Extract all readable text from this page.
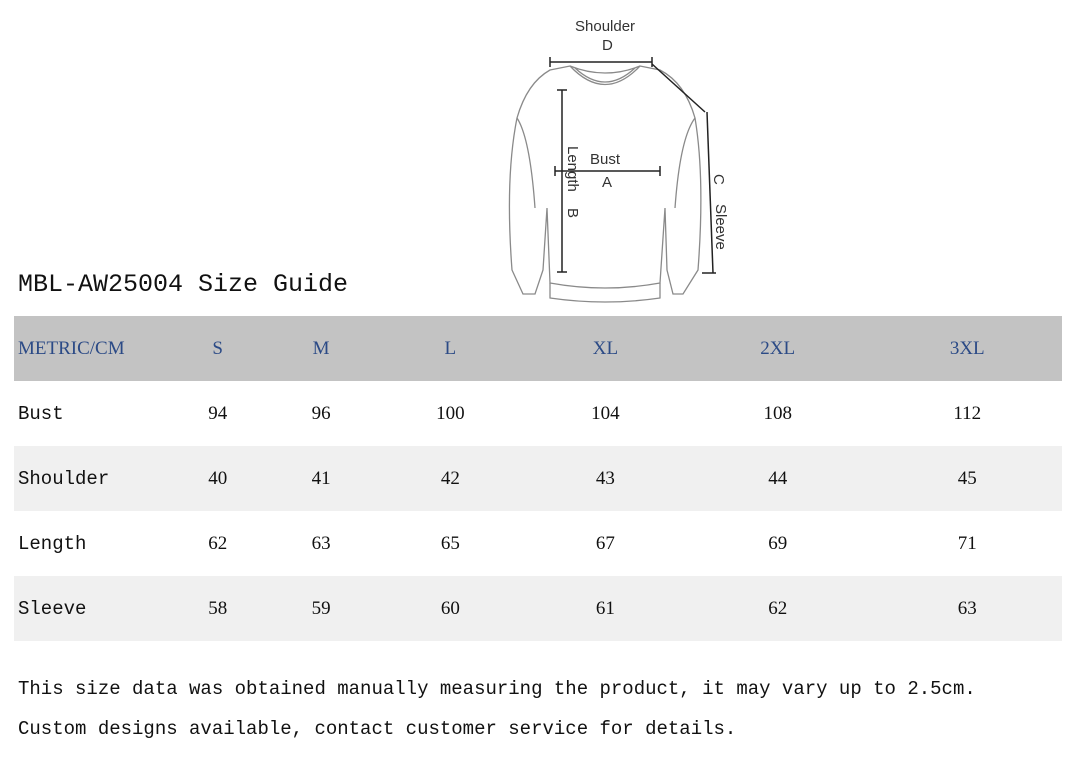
Shoulder
D
Sleeve
C
Length
B
Bust
A
MBL-AW25004 Size Guide
METRIC/CM	S	M	L	XL	2XL	3XL
Bust	94	96	100	104	108	112
Shoulder	40	41	42	43	44	45
Length	62	63	65	67	69	71
Sleeve	58	59	60	61	62	63
This size data was obtained manually measuring the product, it may vary up to 2.5cm.
Custom designs available, contact customer service for details.
